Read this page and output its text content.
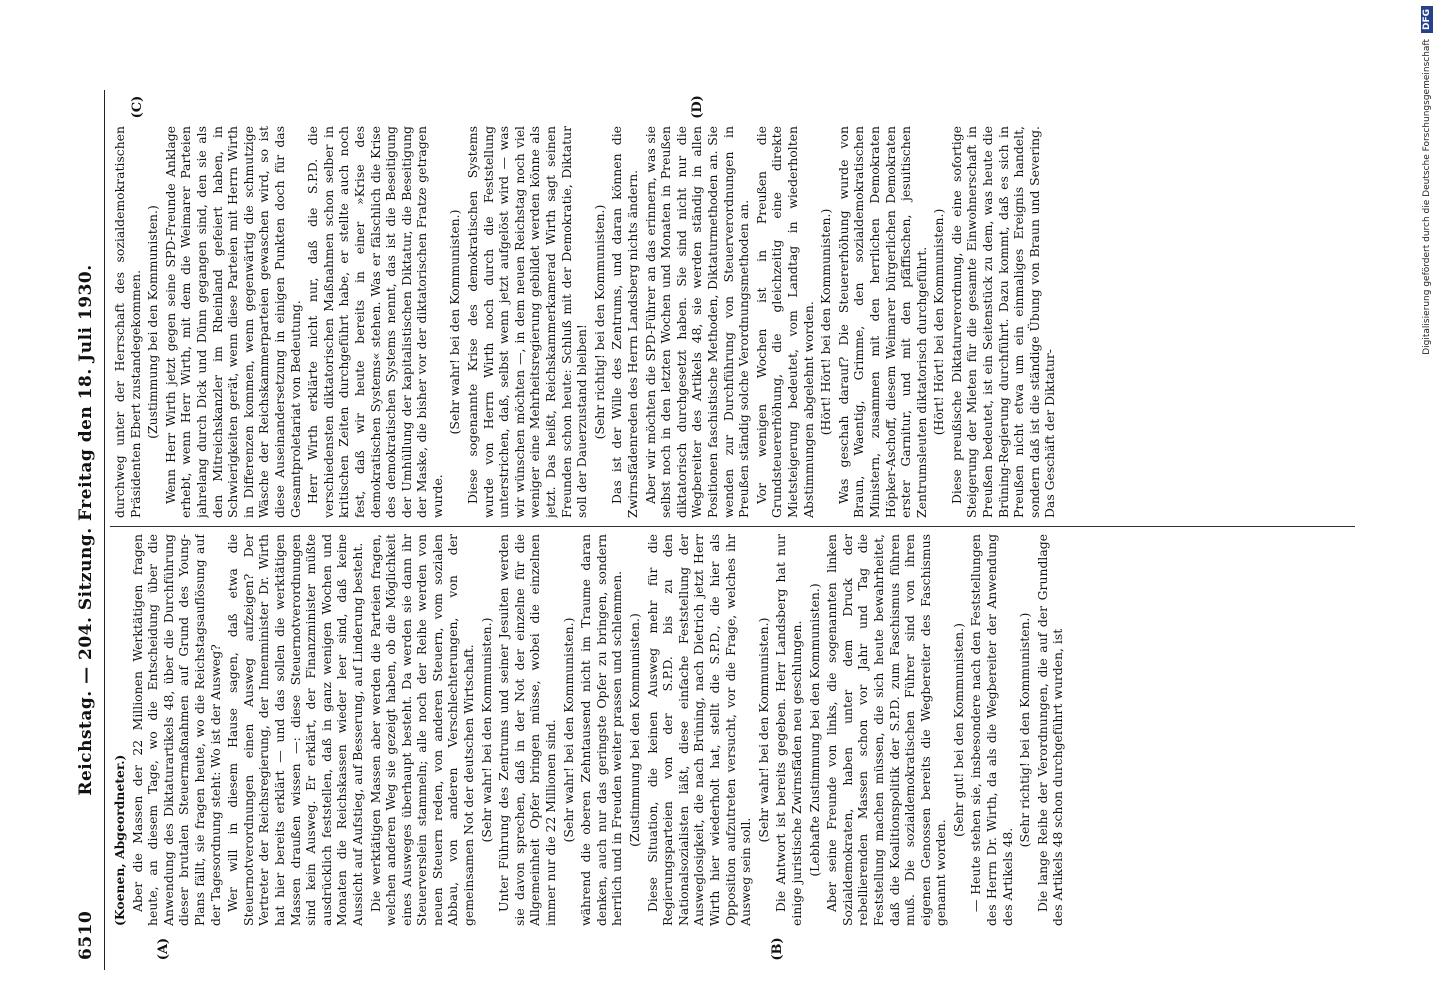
6510
Reichstag. — 204. Sitzung. Freitag den 18. Juli 1930.
(A)	(B)
(C)	(D)

(Koenen, Abgeordneter.) Aber die Massen der 22 Millionen Werktätigen fragen heute, an diesem Tage, wo die Entscheidung über die Anwendung des Diktaturartikels 48, über die Durchführung dieser brutalen Steuermaßnahmen auf Grund des Young-Plans fällt, sie fragen heute, wo die Reichstagsauflösung auf der Tagesordnung steht: Wo ist der Ausweg? Wer will in diesem Hause sagen, daß etwa die Steuernotverordnungen einen Ausweg aufzeigen? Der Vertreter der Reichsregierung, der Innenminister Dr. Wirth hat hier bereits erklärt — und das sollen die werktätigen Massen draußen wissen —: diese Steuernotverordnungen sind kein Ausweg. Er erklärt, der Finanzminister müßte ausdrücklich feststellen, daß in ganz wenigen Wochen und Monaten die Reichskassen wieder leer sind, daß keine Aussicht auf Aufstieg, auf Besserung, auf Linderung besteht. Die werktätigen Massen aber werden die Parteien fragen, welchen anderen Weg sie gezeigt haben, ob die Möglichkeit eines Ausweges überhaupt besteht. Da werden sie dann ihr Steuerverslein stammeln; alle noch der Reihe werden von neuen Steuern reden, von anderen Steuern, vom sozialen Abbau, von anderen Verschlechterungen, von der gemeinsamen Not der deutschen Wirtschaft. (Sehr wahr! bei den Kommunisten.) Unter Führung des Zentrums und seiner Jesuiten werden sie davon sprechen, daß in der Not der einzelne für die Allgemeinheit Opfer bringen müsse, wobei die einzelnen immer nur die 22 Millionen sind. (Sehr wahr! bei den Kommunisten.) während die oberen Zehntausend nicht im Traume daran denken, auch nur das geringste Opfer zu bringen, sondern herrlich und in Freuden weiter prassen und schlemmen. (Zustimmung bei den Kommunisten.) Diese Situation, die keinen Ausweg mehr für die Regierungsparteien von der S.P.D. bis zu den Nationalsozialisten läßt, diese einfache Feststellung der Ausweglosigkeit, die nach Brüning, nach Dietrich jetzt Herr Wirth hier wiederholt hat, stellt die S.P.D., die hier als Opposition aufzutreten versucht, vor die Frage, welches ihr Ausweg sein soll.

(Sehr wahr! bei den Kommunisten.) Die Antwort ist bereits gegeben. Herr Landsberg hat nur einige juristische Zwirnsfäden neu geschlungen. (Lebhafte Zustimmung bei den Kommunisten.) Aber seine Freunde von links, die sogenannten linken Sozialdemokraten, haben unter dem Druck der rebellierenden Massen schon vor Jahr und Tag die Feststellung machen müssen, die sich heute bewahrheitet, daß die Koalitionspolitik der S.P.D. zum Faschismus führen muß. Die sozialdemokratischen Führer sind von ihren eigenen Genossen bereits die Wegbereiter des Faschismus genannt worden.

(Sehr gut! bei den Kommunisten.) — Heute stehen sie, insbesondere nach den Feststellungen des Herrn Dr. Wirth, da als die Wegbereiter der Anwendung des Artikels 48.

(Sehr richtig! bei den Kommunisten.) Die lange Reihe der Verordnungen, die auf der Grundlage des Artikels 48 schon durchgeführt wurden, ist

durchweg unter der Herrschaft des sozialdemokratischen Präsidenten Ebert zustandegekommen. (Zustimmung bei den Kommunisten.) Wenn Herr Wirth jetzt gegen seine SPD-Freunde Anklage erhebt, wenn Herr Wirth, mit dem die Weimarer Parteien jahrelang durch Dick und Dünn gegangen sind, den sie als den Mitreichskanzler im Rheinland gefeiert haben, in Schwierigkeiten gerät, wenn diese Parteien mit Herrn Wirth in Differenzen kommen, wenn gegenwärtig die schmutzige Wäsche der Reichskammerparteien gewaschen wird, so ist diese Auseinandersetzung in einigen Punkten doch für das Gesamtproletariat von Bedeutung. Herr Wirth erklärte nicht nur, daß die S.P.D. die verschiedensten diktatorischen Maßnahmen schon selber in kritischen Zeiten durchgeführt habe, er stellte auch noch fest, daß wir heute bereits in einer »Krise des demokratischen Systems« stehen. Was er fälschlich die Krise des demokratischen Systems nennt, das ist die Beseitigung der Umhüllung der kapitalistischen Diktatur, die Beseitigung der Maske, die bisher vor der diktatorischen Fratze getragen wurde.

(Sehr wahr! bei den Kommunisten.) Diese sogenannte Krise des demokratischen Systems wurde von Herrn Wirth noch durch die Feststellung unterstrichen, daß, selbst wenn jetzt aufgelöst wird — was wir wünschen möchten —, in dem neuen Reichstag noch viel weniger eine Mehrheitsregierung gebildet werden könne als jetzt. Das heißt, Reichskammerkamerad Wirth sagt seinen Freunden schon heute: Schluß mit der Demokratie, Diktatur soll der Dauerzustand bleiben! (Sehr richtig! bei den Kommunisten.) Das ist der Wille des Zentrums, und daran können die Zwirnsfädenreden des Herrn Landsberg nichts ändern. Aber wir möchten die SPD-Führer an das erinnern, was sie selbst noch in den letzten Wochen und Monaten in Preußen diktatorisch durchgesetzt haben. Sie sind nicht nur die Wegbereiter des Artikels 48, sie werden ständig in allen Positionen faschistische Methoden, Diktaturmethoden an. Sie wenden zur Durchführung von Steuerverordnungen in Preußen ständig solche Verordnungsmethoden an. Vor wenigen Wochen ist in Preußen die Grundsteuererhöhung, die gleichzeitig eine direkte Mietsteigerung bedeutet, vom Landtag in wiederholten Abstimmungen abgelehnt worden. (Hört! Hört! bei den Kommunisten.) Was geschah darauf? Die Steuererhöhung wurde von Braun, Waentig, Grimme, den sozialdemokratischen Ministern, zusammen mit den herrlichen Demokraten Höpker-Aschoff, diesem Weimarer bürgerlichen Demokraten erster Garnitur, und mit den pfäffischen, jesuitischen Zentrumsleuten diktatorisch durchgeführt. (Hört! Hört! bei den Kommunisten.) Diese preußische Diktaturverordnung, die eine sofortige Steigerung der Mieten für die gesamte Einwohnerschaft in Preußen bedeutet, ist ein Seitenstück zu dem, was heute die Brüning-Regierung durchführt. Dazu kommt, daß es sich in Preußen nicht etwa um ein einmaliges Ereignis handelt, sondern daß ist die ständige Übung von Braun und Severing. Das Geschäft der Diktatur-

Digitalisierung gefördert durch die Deutsche Forschungsgemeinschaft
DFG
